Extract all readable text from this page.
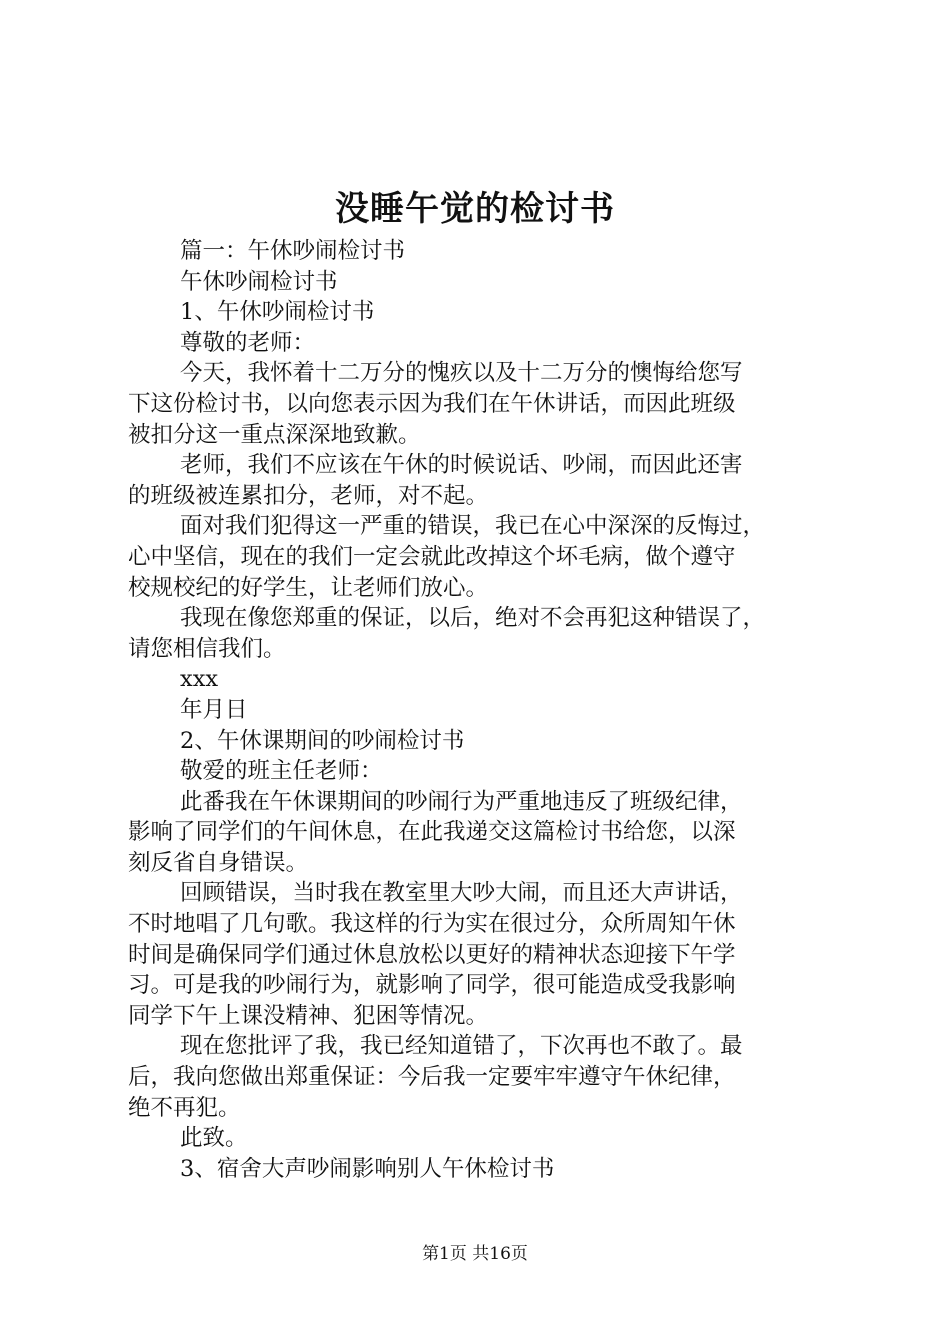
没睡午觉的检讨书
篇一：午休吵闹检讨书
午休吵闹检讨书
1、午休吵闹检讨书
尊敬的老师：
今天，我怀着十二万分的愧疚以及十二万分的懊悔给您写
下这份检讨书，以向您表示因为我们在午休讲话，而因此班级
被扣分这一重点深深地致歉。
老师，我们不应该在午休的时候说话、吵闹，而因此还害
的班级被连累扣分，老师，对不起。
面对我们犯得这一严重的错误，我已在心中深深的反悔过，
心中坚信，现在的我们一定会就此改掉这个坏毛病，做个遵守
校规校纪的好学生，让老师们放心。
我现在像您郑重的保证，以后，绝对不会再犯这种错误了，
请您相信我们。
xxx
年月日
2、午休课期间的吵闹检讨书
敬爱的班主任老师：
此番我在午休课期间的吵闹行为严重地违反了班级纪律，
影响了同学们的午间休息，在此我递交这篇检讨书给您，以深
刻反省自身错误。
回顾错误，当时我在教室里大吵大闹，而且还大声讲话，
不时地唱了几句歌。我这样的行为实在很过分，众所周知午休
时间是确保同学们通过休息放松以更好的精神状态迎接下午学
习。可是我的吵闹行为，就影响了同学，很可能造成受我影响
同学下午上课没精神、犯困等情况。
现在您批评了我，我已经知道错了，下次再也不敢了。最
后，我向您做出郑重保证：今后我一定要牢牢遵守午休纪律，
绝不再犯。
此致。
3、宿舍大声吵闹影响别人午休检讨书
第1页 共16页
